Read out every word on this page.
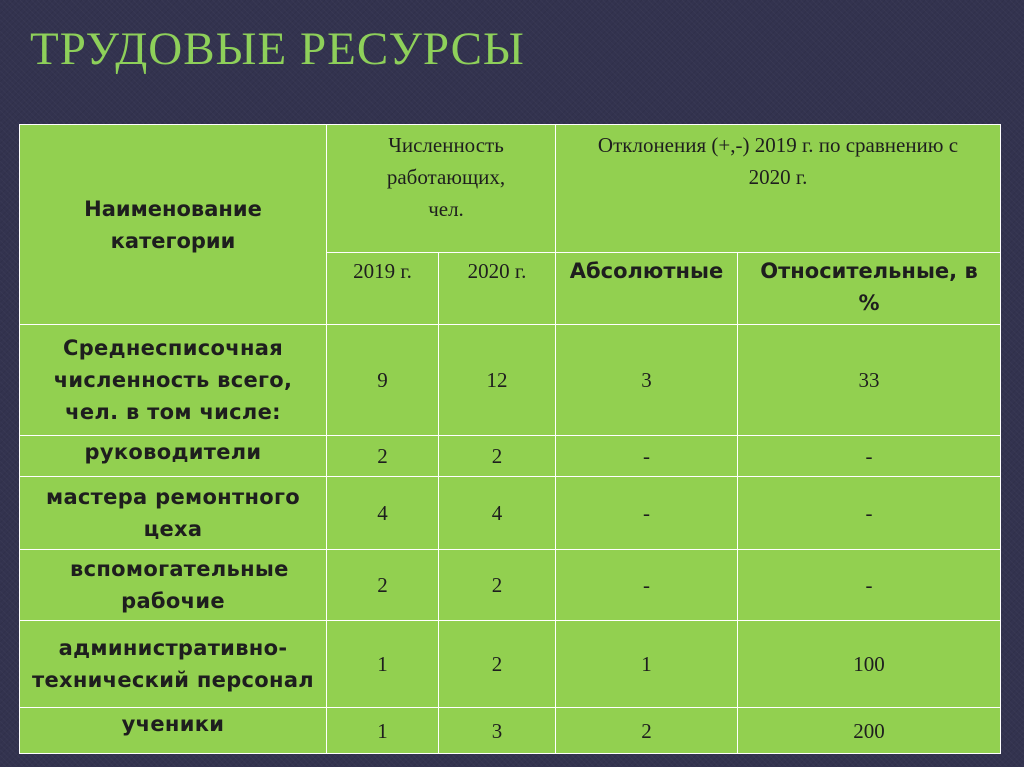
ТРУДОВЫЕ РЕСУРСЫ
Наименование категории	Численность работающих, чел.		Отклонения (+,-) 2019 г. по сравнению с 2020 г.	
	2019 г.	2020 г.	Абсолютные	Относительные, в %
Среднесписочная численность всего, чел. в том числе:	9	12	3	33
руководители	2	2	-	-
мастера ремонтного цеха	4	4	-	-
вспомогательные рабочие	2	2	-	-
административно-технический персонал	1	2	1	100
ученики	1	3	2	200
